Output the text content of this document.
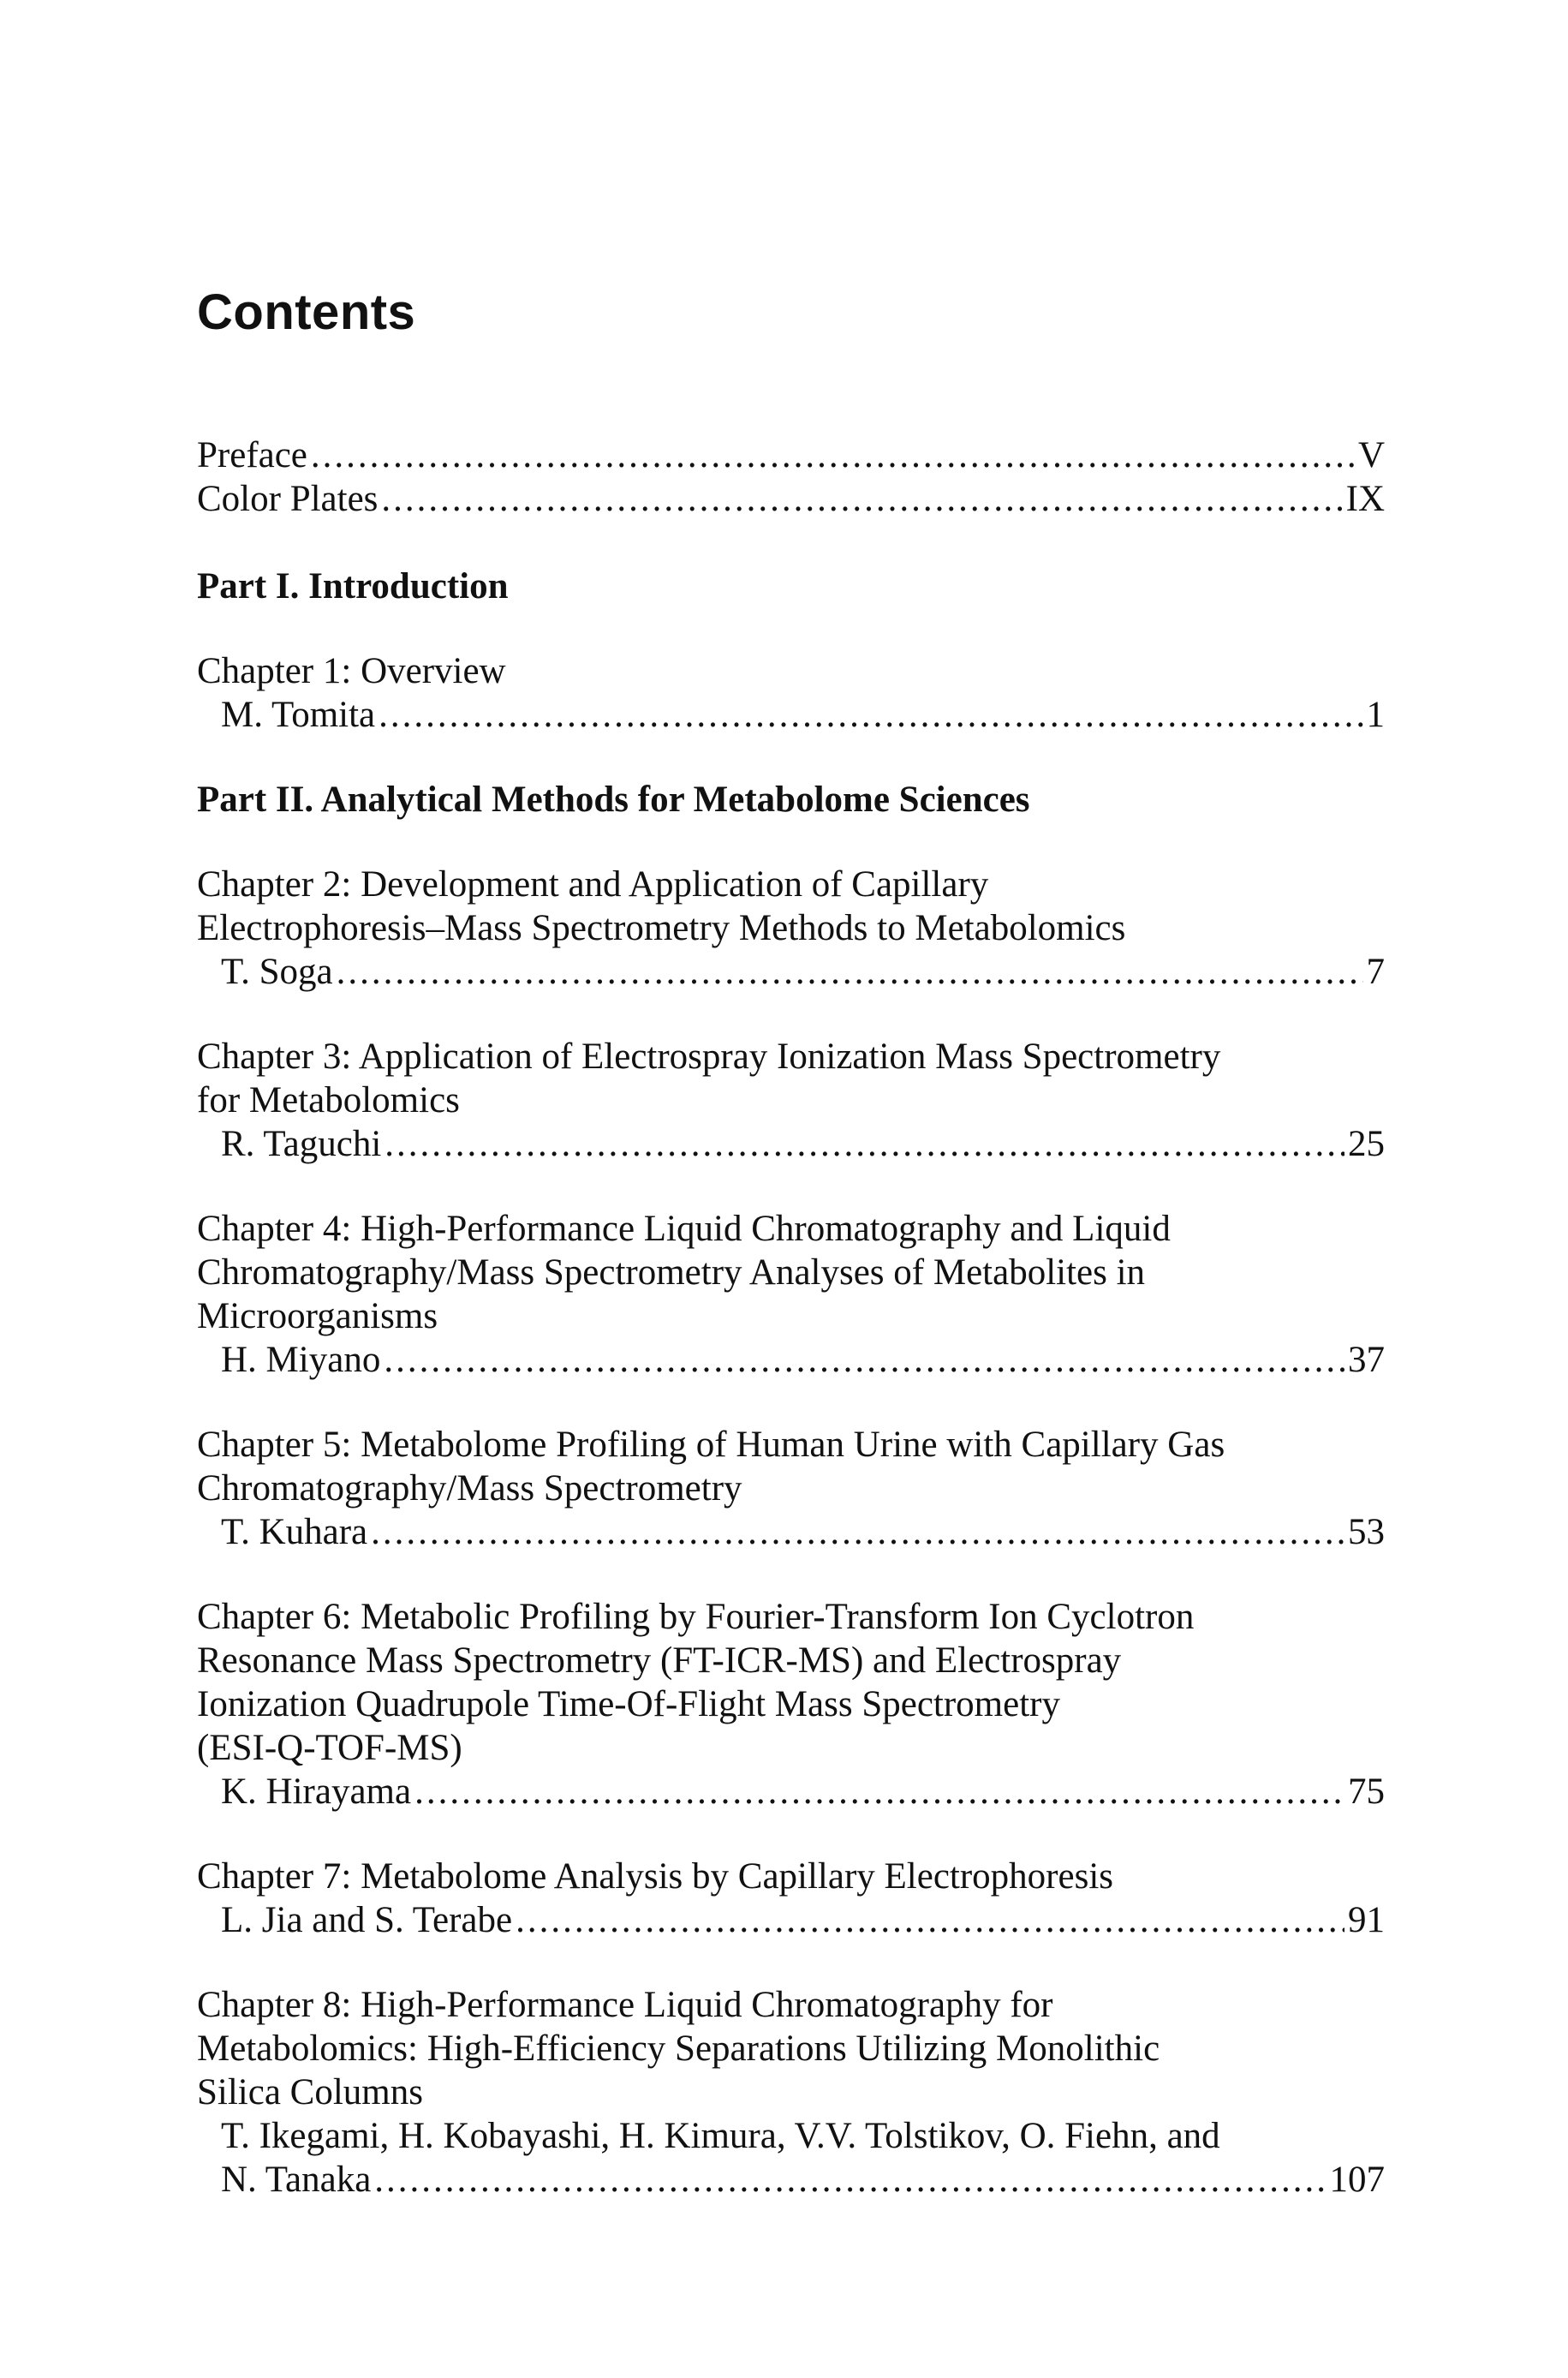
Contents
Preface .....	V
Color Plates .....	IX
Part I. Introduction
Chapter 1: Overview
M. Tomita .....	1
Part II. Analytical Methods for Metabolome Sciences
Chapter 2: Development and Application of Capillary
Electrophoresis–Mass Spectrometry Methods to Metabolomics
T. Soga .....	7
Chapter 3: Application of Electrospray Ionization Mass Spectrometry
for Metabolomics
R. Taguchi .....	25
Chapter 4: High-Performance Liquid Chromatography and Liquid
Chromatography/Mass Spectrometry Analyses of Metabolites in
Microorganisms
H. Miyano .....	37
Chapter 5: Metabolome Profiling of Human Urine with Capillary Gas
Chromatography/Mass Spectrometry
T. Kuhara .....	53
Chapter 6: Metabolic Profiling by Fourier-Transform Ion Cyclotron
Resonance Mass Spectrometry (FT-ICR-MS) and Electrospray
Ionization Quadrupole Time-Of-Flight Mass Spectrometry
(ESI-Q-TOF-MS)
K. Hirayama .....	75
Chapter 7: Metabolome Analysis by Capillary Electrophoresis
L. Jia and S. Terabe .....	91
Chapter 8: High-Performance Liquid Chromatography for
Metabolomics: High-Efficiency Separations Utilizing Monolithic
Silica Columns
T. Ikegami, H. Kobayashi, H. Kimura, V.V. Tolstikov, O. Fiehn, and
N. Tanaka .....	107
